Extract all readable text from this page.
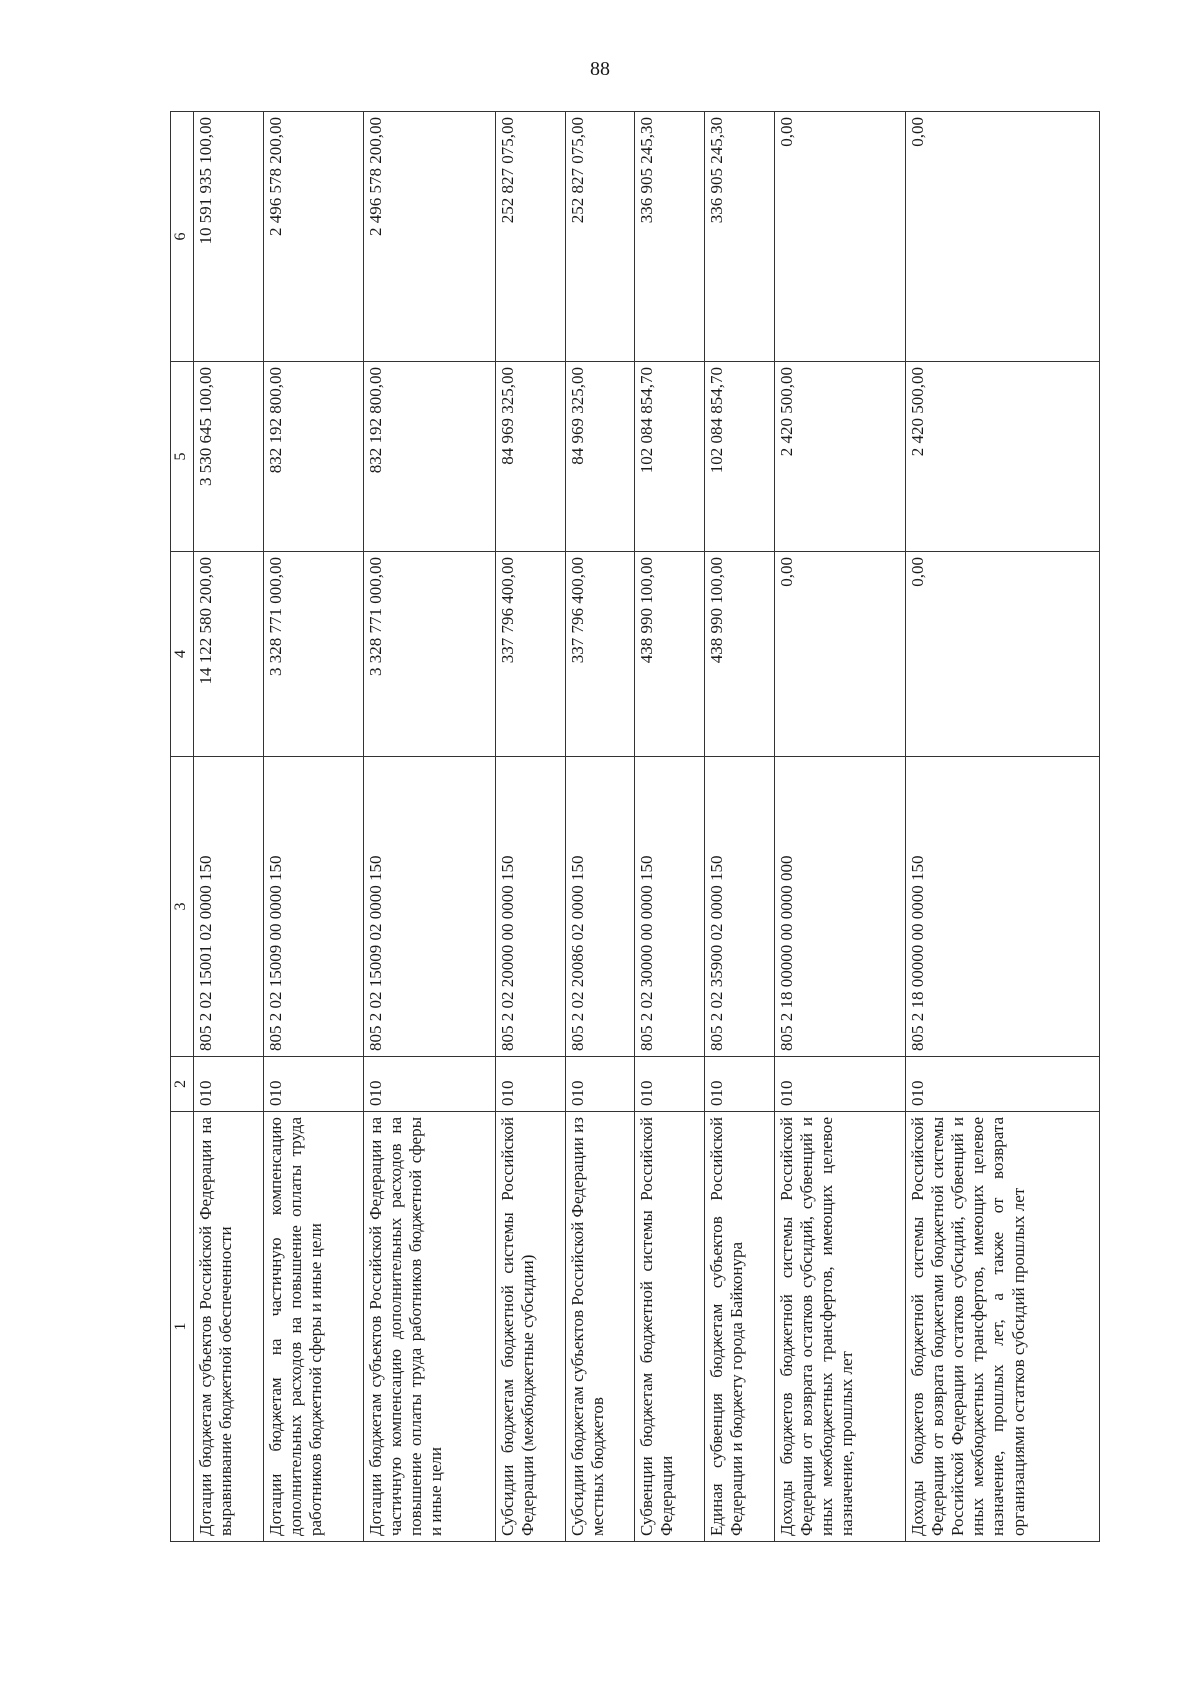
88
1	2	3	4	5	6
Дотации бюджетам субъектов Российской Федерации на выравнивание бюджетной обеспеченности	010	805 2 02 15001 02 0000 150	14 122 580 200,00	3 530 645 100,00	10 591 935 100,00
Дотации бюджетам на частичную компенсацию дополнительных расходов на повышение оплаты труда работников бюджетной сферы и иные цели	010	805 2 02 15009 00 0000 150	3 328 771 000,00	832 192 800,00	2 496 578 200,00
Дотации бюджетам субъектов Российской Федерации на частичную компенсацию дополнительных расходов на повышение оплаты труда работников бюджетной сферы и иные цели	010	805 2 02 15009 02 0000 150	3 328 771 000,00	832 192 800,00	2 496 578 200,00
Субсидии бюджетам бюджетной системы Российской Федерации (межбюджетные субсидии)	010	805 2 02 20000 00 0000 150	337 796 400,00	84 969 325,00	252 827 075,00
Субсидии бюджетам субъектов Российской Федерации из местных бюджетов	010	805 2 02 20086 02 0000 150	337 796 400,00	84 969 325,00	252 827 075,00
Субвенции бюджетам бюджетной системы Российской Федерации	010	805 2 02 30000 00 0000 150	438 990 100,00	102 084 854,70	336 905 245,30
Единая субвенция бюджетам субъектов Российской Федерации и бюджету города Байконура	010	805 2 02 35900 02 0000 150	438 990 100,00	102 084 854,70	336 905 245,30
Доходы бюджетов бюджетной системы Российской Федерации от возврата остатков субсидий, субвенций и иных межбюджетных трансфертов, имеющих целевое назначение, прошлых лет	010	805 2 18 00000 00 0000 000	0,00	2 420 500,00	0,00
Доходы бюджетов бюджетной системы Российской Федерации от возврата бюджетами бюджетной системы Российской Федерации остатков субсидий, субвенций и иных межбюджетных трансфертов, имеющих целевое назначение, прошлых лет, а также от возврата организациями остатков субсидий прошлых лет	010	805 2 18 00000 00 0000 150	0,00	2 420 500,00	0,00
